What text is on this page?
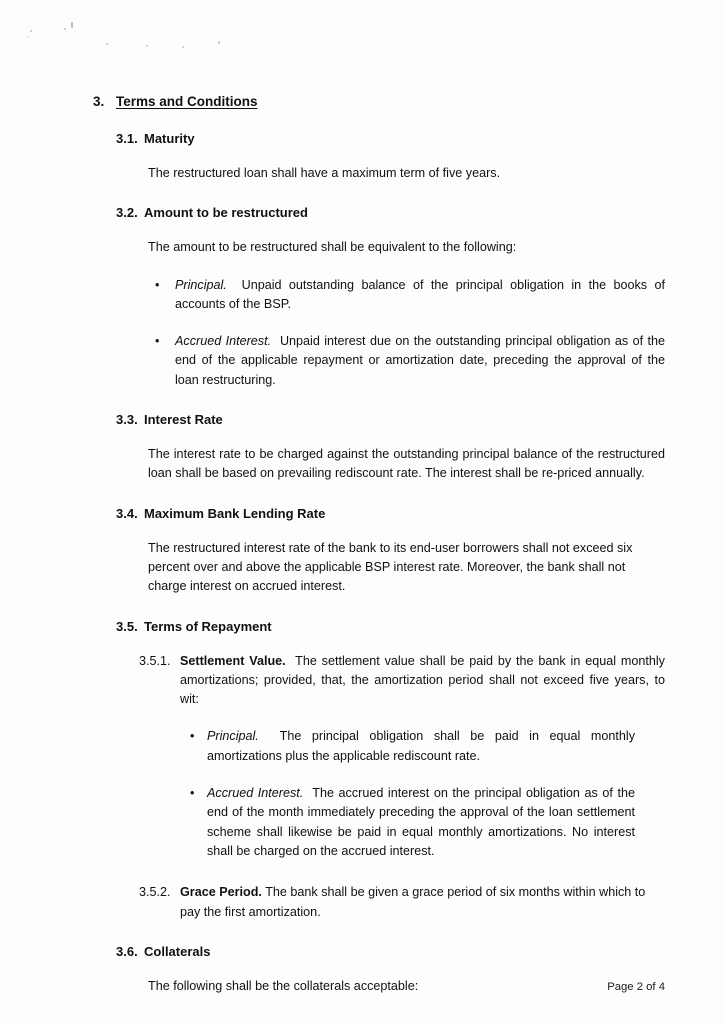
3. Terms and Conditions
3.1. Maturity
The restructured loan shall have a maximum term of five years.
3.2. Amount to be restructured
The amount to be restructured shall be equivalent to the following:
•	Principal. Unpaid outstanding balance of the principal obligation in the books of accounts of the BSP.
•	Accrued Interest. Unpaid interest due on the outstanding principal obligation as of the end of the applicable repayment or amortization date, preceding the approval of the loan restructuring.
3.3. Interest Rate
The interest rate to be charged against the outstanding principal balance of the restructured loan shall be based on prevailing rediscount rate. The interest shall be re-priced annually.
3.4. Maximum Bank Lending Rate
The restructured interest rate of the bank to its end-user borrowers shall not exceed six percent over and above the applicable BSP interest rate. Moreover, the bank shall not charge interest on accrued interest.
3.5. Terms of Repayment
3.5.1. Settlement Value. The settlement value shall be paid by the bank in equal monthly amortizations; provided, that, the amortization period shall not exceed five years, to wit:
• Principal. The principal obligation shall be paid in equal monthly amortizations plus the applicable rediscount rate.
• Accrued Interest. The accrued interest on the principal obligation as of the end of the month immediately preceding the approval of the loan settlement scheme shall likewise be paid in equal monthly amortizations. No interest shall be charged on the accrued interest.
3.5.2. Grace Period. The bank shall be given a grace period of six months within which to pay the first amortization.
3.6. Collaterals
The following shall be the collaterals acceptable:	Page 2 of 4
